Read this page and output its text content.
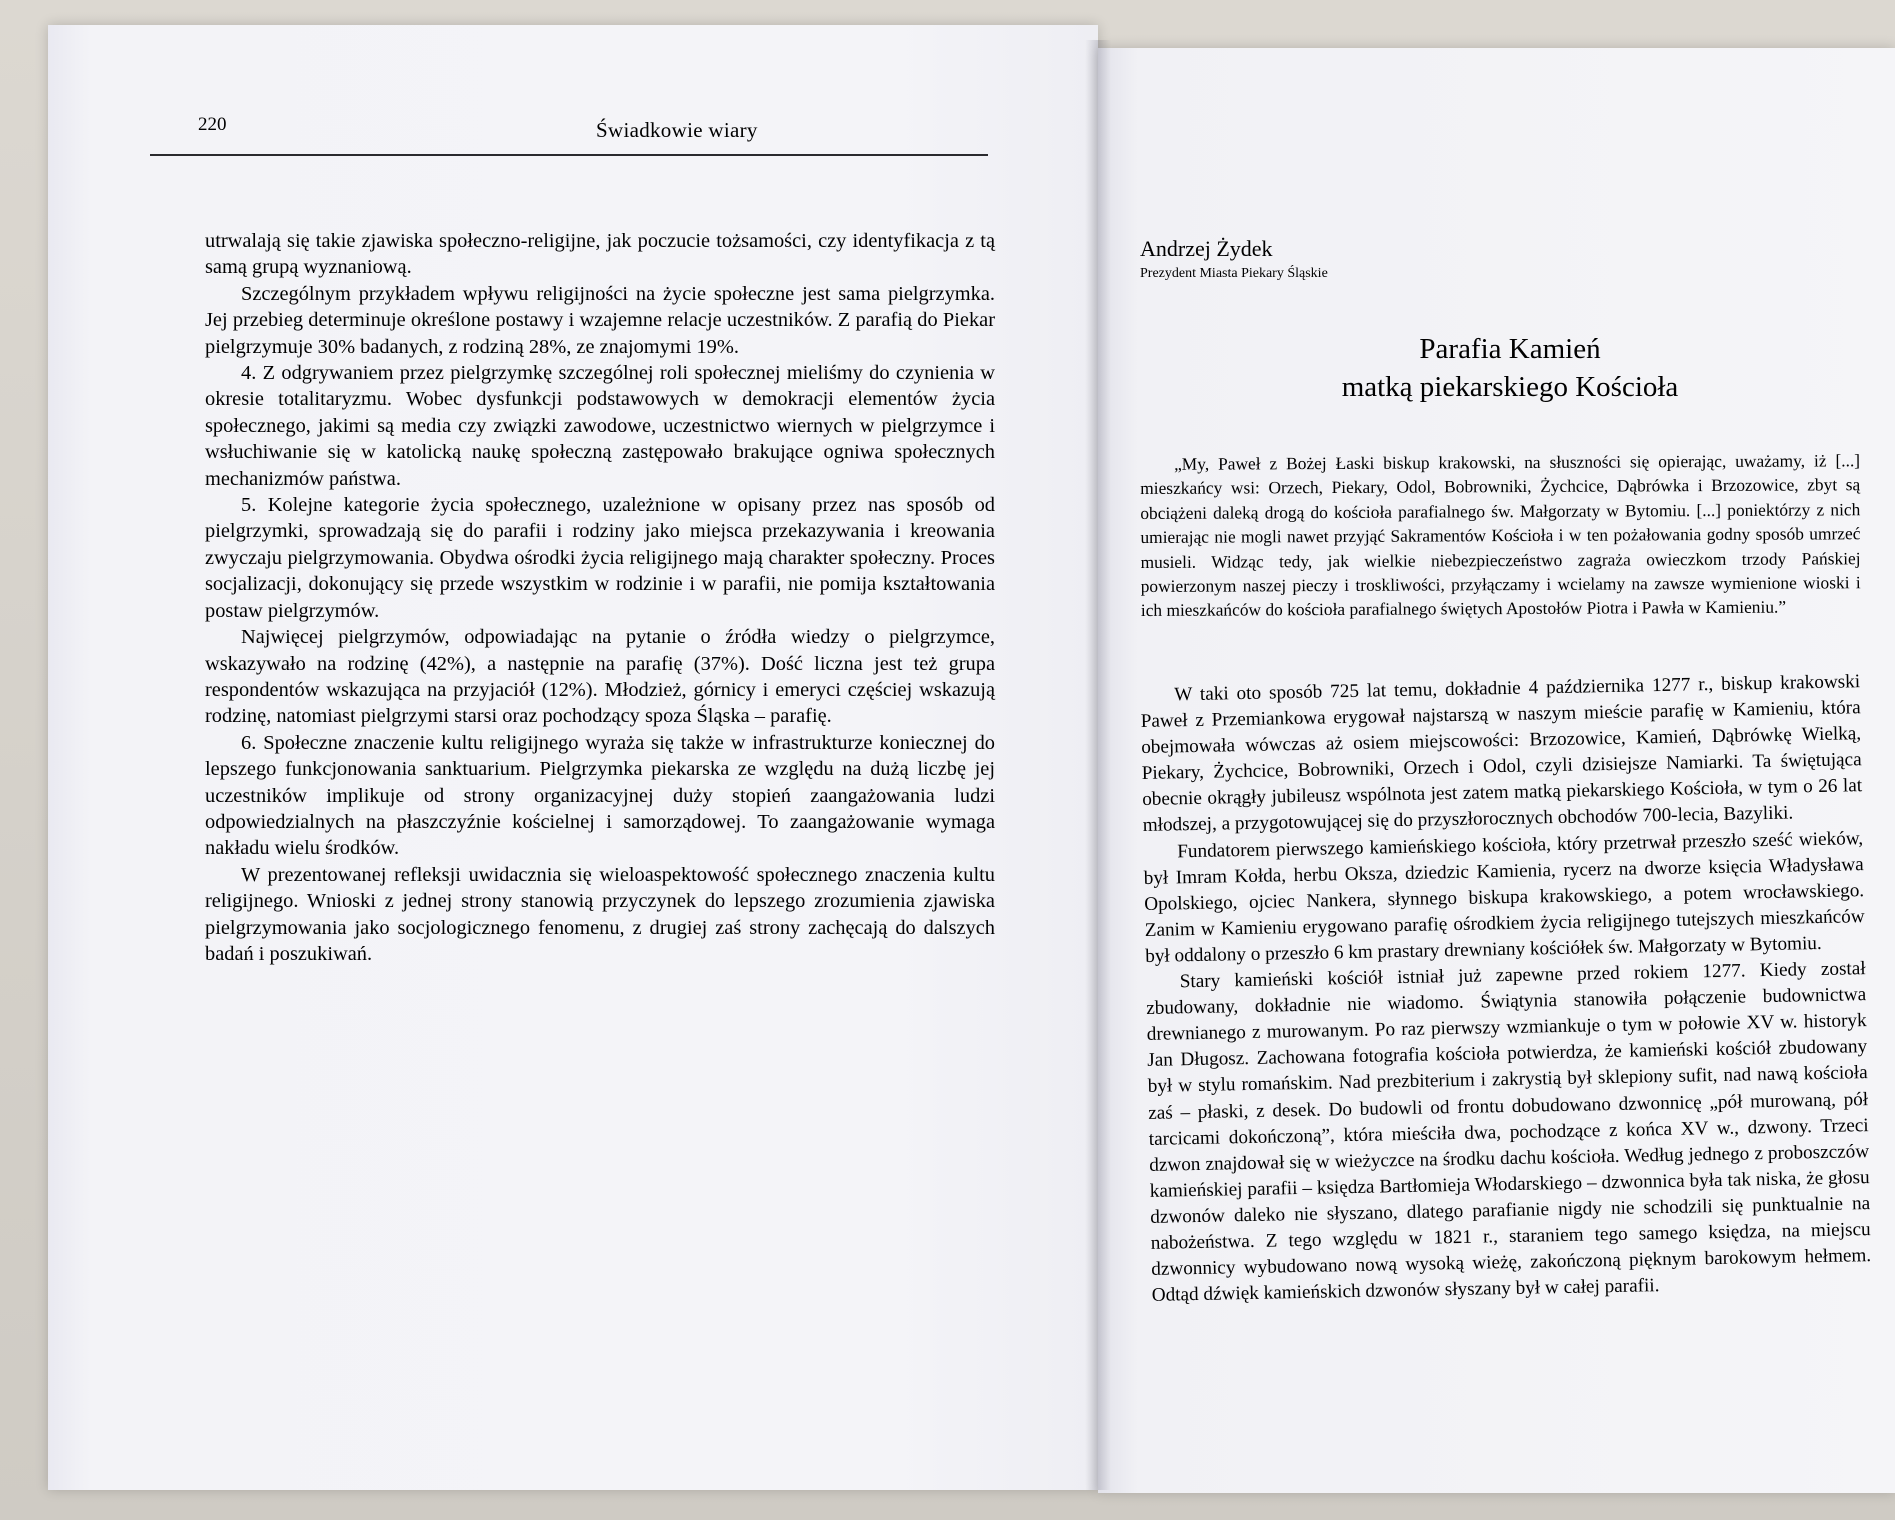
220	Świadkowie wiary

utrwalają się takie zjawiska społeczno-religijne, jak poczucie tożsamości, czy identyfikacja z tą samą grupą wyznaniową.

Szczególnym przykładem wpływu religijności na życie społeczne jest sama pielgrzymka. Jej przebieg determinuje określone postawy i wzajemne relacje uczestników. Z parafią do Piekar pielgrzymuje 30% badanych, z rodziną 28%, ze znajomymi 19%.

4. Z odgrywaniem przez pielgrzymkę szczególnej roli społecznej mieliśmy do czynienia w okresie totalitaryzmu. Wobec dysfunkcji podstawowych w demokracji elementów życia społecznego, jakimi są media czy związki zawodowe, uczestnictwo wiernych w pielgrzymce i wsłuchiwanie się w katolicką naukę społeczną zastępowało brakujące ogniwa społecznych mechanizmów państwa.

5. Kolejne kategorie życia społecznego, uzależnione w opisany przez nas sposób od pielgrzymki, sprowadzają się do parafii i rodziny jako miejsca przekazywania i kreowania zwyczaju pielgrzymowania. Obydwa ośrodki życia religijnego mają charakter społeczny. Proces socjalizacji, dokonujący się przede wszystkim w rodzinie i w parafii, nie pomija kształtowania postaw pielgrzymów.

Najwięcej pielgrzymów, odpowiadając na pytanie o źródła wiedzy o pielgrzymce, wskazywało na rodzinę (42%), a następnie na parafię (37%). Dość liczna jest też grupa respondentów wskazująca na przyjaciół (12%). Młodzież, górnicy i emeryci częściej wskazują rodzinę, natomiast pielgrzymi starsi oraz pochodzący spoza Śląska – parafię.

6. Społeczne znaczenie kultu religijnego wyraża się także w infrastrukturze koniecznej do lepszego funkcjonowania sanktuarium. Pielgrzymka piekarska ze względu na dużą liczbę jej uczestników implikuje od strony organizacyjnej duży stopień zaangażowania ludzi odpowiedzialnych na płaszczyźnie kościelnej i samorządowej. To zaangażowanie wymaga nakładu wielu środków.

W prezentowanej refleksji uwidacznia się wieloaspektowość społecznego znaczenia kultu religijnego. Wnioski z jednej strony stanowią przyczynek do lepszego zrozumienia zjawiska pielgrzymowania jako socjologicznego fenomenu, z drugiej zaś strony zachęcają do dalszych badań i poszukiwań.

Andrzej Żydek
Prezydent Miasta Piekary Śląskie
Parafia Kamień
matką piekarskiego Kościoła

„My, Paweł z Bożej Łaski biskup krakowski, na słuszności się opierając, uważamy, iż [...] mieszkańcy wsi: Orzech, Piekary, Odol, Bobrowniki, Żychcice, Dąbrówka i Brzozowice, zbyt są obciążeni daleką drogą do kościoła parafialnego św. Małgorzaty w Bytomiu. [...] poniektórzy z nich umierając nie mogli nawet przyjąć Sakramentów Kościoła i w ten pożałowania godny sposób umrzeć musieli. Widząc tedy, jak wielkie niebezpieczeństwo zagraża owieczkom trzody Pańskiej powierzonym naszej pieczy i troskliwości, przyłączamy i wcielamy na zawsze wymienione wioski i ich mieszkańców do kościoła parafialnego świętych Apostołów Piotra i Pawła w Kamieniu.”

W taki oto sposób 725 lat temu, dokładnie 4 października 1277 r., biskup krakowski Paweł z Przemiankowa erygował najstarszą w naszym mieście parafię w Kamieniu, która obejmowała wówczas aż osiem miejscowości: Brzozowice, Kamień, Dąbrówkę Wielką, Piekary, Żychcice, Bobrowniki, Orzech i Odol, czyli dzisiejsze Namiarki. Ta świętująca obecnie okrągły jubileusz wspólnota jest zatem matką piekarskiego Kościoła, w tym o 26 lat młodszej, a przygotowującej się do przyszłorocznych obchodów 700-lecia, Bazyliki.

Fundatorem pierwszego kamieńskiego kościoła, który przetrwał przeszło sześć wieków, był Imram Kołda, herbu Oksza, dziedzic Kamienia, rycerz na dworze księcia Władysława Opolskiego, ojciec Nankera, słynnego biskupa krakowskiego, a potem wrocławskiego. Zanim w Kamieniu erygowano parafię ośrodkiem życia religijnego tutejszych mieszkańców był oddalony o przeszło 6 km prastary drewniany kościółek św. Małgorzaty w Bytomiu.

Stary kamieński kościół istniał już zapewne przed rokiem 1277. Kiedy został zbudowany, dokładnie nie wiadomo. Świątynia stanowiła połączenie budownictwa drewnianego z murowanym. Po raz pierwszy wzmiankuje o tym w połowie XV w. historyk Jan Długosz. Zachowana fotografia kościoła potwierdza, że kamieński kościół zbudowany był w stylu romańskim. Nad prezbiterium i zakrystią był sklepiony sufit, nad nawą kościoła zaś – płaski, z desek. Do budowli od frontu dobudowano dzwonnicę „pół murowaną, pół tarcicami dokończoną”, która mieściła dwa, pochodzące z końca XV w., dzwony. Trzeci dzwon znajdował się w wieżyczce na środku dachu kościoła. Według jednego z proboszczów kamieńskiej parafii – księdza Bartłomieja Włodarskiego – dzwonnica była tak niska, że głosu dzwonów daleko nie słyszano, dlatego parafianie nigdy nie schodzili się punktualnie na nabożeństwa. Z tego względu w 1821 r., staraniem tego samego księdza, na miejscu dzwonnicy wybudowano nową wysoką wieżę, zakończoną pięknym barokowym hełmem. Odtąd dźwięk kamieńskich dzwonów słyszany był w całej parafii.
